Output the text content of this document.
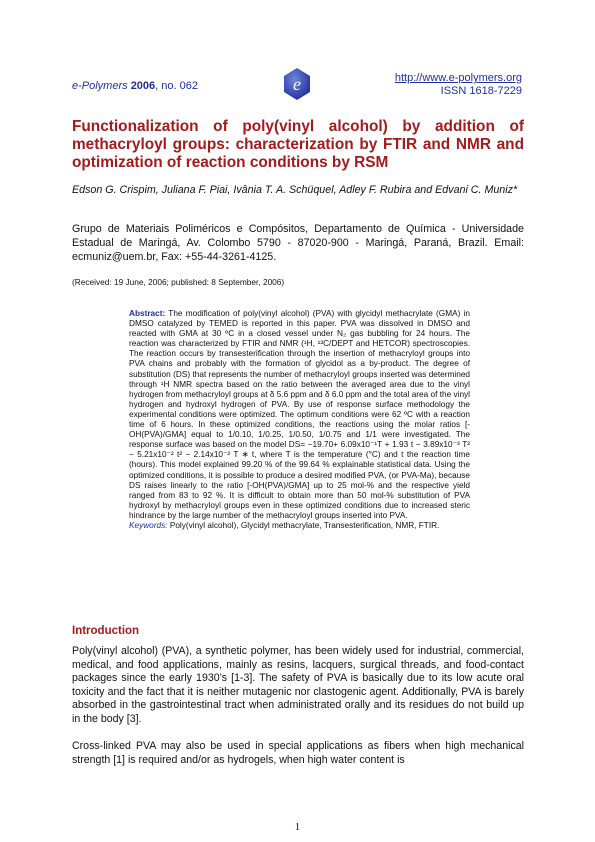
e-Polymers 2006, no. 062	e	http://www.e-polymers.org
ISSN 1618-7229
Functionalization of poly(vinyl alcohol) by addition of methacryloyl groups: characterization by FTIR and NMR and optimization of reaction conditions by RSM

Edson G. Crispim, Juliana F. Piai, Ivânia T. A. Schüquel, Adley F. Rubira and Edvani C. Muniz*

Grupo de Materiais Poliméricos e Compósitos, Departamento de Química - Universidade Estadual de Maringá, Av. Colombo 5790 - 87020-900 - Maringá, Paraná, Brazil. Email: ecmuniz@uem.br, Fax: +55-44-3261-4125.

(Received: 19 June, 2006; published: 8 September, 2006)

Abstract: The modification of poly(vinyl alcohol) (PVA) with glycidyl methacrylate (GMA) in DMSO catalyzed by TEMED is reported in this paper. PVA was dissolved in DMSO and reacted with GMA at 30 ºC in a closed vessel under N₂ gas bubbling for 24 hours. The reaction was characterized by FTIR and NMR (¹H, ¹³C/DEPT and HETCOR) spectroscopies. The reaction occurs by transesterification through the insertion of methacryloyl groups into PVA chains and probably with the formation of glycidol as a by-product. The degree of substitution (DS) that represents the number of methacryloyl groups inserted was determined through ¹H NMR spectra based on the ratio between the averaged area due to the vinyl hydrogen from methacryloyl groups at δ 5.6 ppm and δ 6.0 ppm and the total area of the vinyl hydrogen and hydroxyl hydrogen of PVA. By use of response surface methodology the experimental conditions were optimized. The optimum conditions were 62 ºC with a reaction time of 6 hours. In these optimized conditions, the reactions using the molar ratios [-OH(PVA)/GMA] equal to 1/0.10, 1/0.25, 1/0.50, 1/0.75 and 1/1 were investigated. The response surface was based on the model DS= −19.70+ 6.09x10⁻¹T + 1.93 t − 3.89x10⁻³ T² − 5.21x10⁻² t² − 2.14x10⁻² T ∗ t, where T is the temperature (°C) and t the reaction time (hours). This model explained 99.20 % of the 99.64 % explainable statistical data. Using the optimized conditions, it is possible to produce a desired modified PVA, (or PVA-Ma), because DS raises linearly to the ratio [-OH(PVA)/GMA] up to 25 mol-% and the respective yield ranged from 83 to 92 %. It is difficult to obtain more than 50 mol-% substitution of PVA hydroxyl by methacryloyl groups even in these optimized conditions due to increased steric hindrance by the large number of the methacryloyl groups inserted into PVA.
Keywords: Poly(vinyl alcohol), Glycidyl methacrylate, Transesterification, NMR, FTIR.
Introduction

Poly(vinyl alcohol) (PVA), a synthetic polymer, has been widely used for industrial, commercial, medical, and food applications, mainly as resins, lacquers, surgical threads, and food-contact packages since the early 1930’s [1-3]. The safety of PVA is basically due to its low acute oral toxicity and the fact that it is neither mutagenic nor clastogenic agent. Additionally, PVA is barely absorbed in the gastrointestinal tract when administrated orally and its residues do not build up in the body [3].

Cross-linked PVA may also be used in special applications as fibers when high mechanical strength [1] is required and/or as hydrogels, when high water content is

1
